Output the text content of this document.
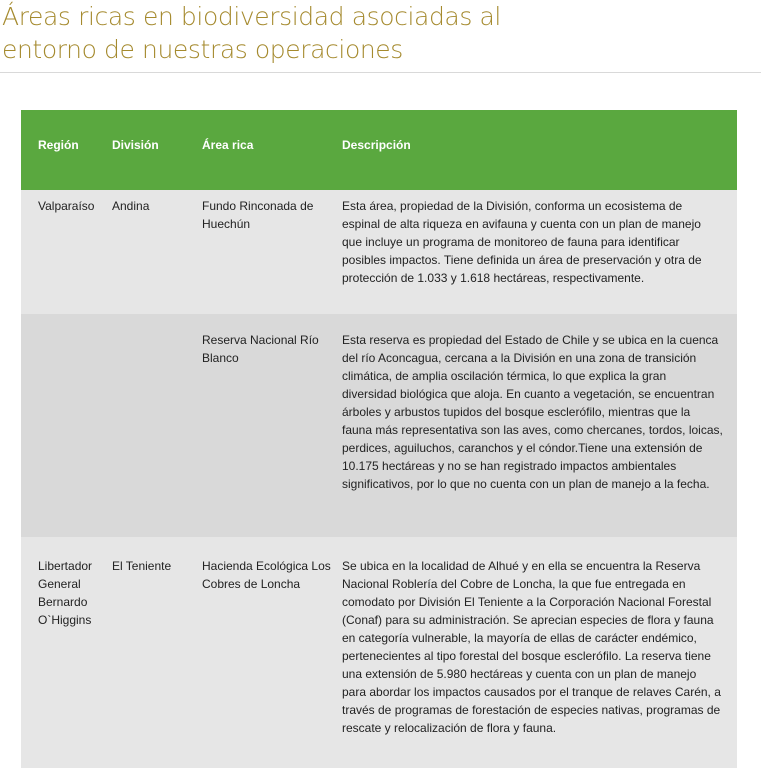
Áreas ricas en biodiversidad asociadas al
entorno de nuestras operaciones
Región	División	Área rica	Descripción
Valparaíso	Andina	Fundo Rinconada de Huechún	Esta área, propiedad de la División, conforma un ecosistema de espinal de alta riqueza en avifauna y cuenta con un plan de manejo que incluye un programa de monitoreo de fauna para identificar posibles impactos. Tiene definida un área de preservación y otra de protección de 1.033 y 1.618 hectáreas, respectivamente.
		Reserva Nacional Río Blanco	Esta reserva es propiedad del Estado de Chile y se ubica en la cuenca del río Aconcagua, cercana a la División en una zona de transición climática, de amplia oscilación térmica, lo que explica la gran diversidad biológica que aloja. En cuanto a vegetación, se encuentran árboles y arbustos tupidos del bosque esclerófilo, mientras que la fauna más representativa son las aves, como chercanes, tordos, loicas, perdices, aguiluchos, caranchos y el cóndor.Tiene una extensión de 10.175 hectáreas y no se han registrado impactos ambientales significativos, por lo que no cuenta con un plan de manejo a la fecha.
Libertador General Bernardo O`Higgins	El Teniente	Hacienda Ecológica Los Cobres de Loncha	Se ubica en la localidad de Alhué y en ella se encuentra la Reserva Nacional Roblería del Cobre de Loncha, la que fue entregada en comodato por División El Teniente a la Corporación Nacional Forestal (Conaf) para su administración. Se aprecian especies de flora y fauna en categoría vulnerable, la mayoría de ellas de carácter endémico, pertenecientes al tipo forestal del bosque esclerófilo. La reserva tiene una extensión de 5.980 hectáreas y cuenta con un plan de manejo para abordar los impactos causados por el tranque de relaves Carén, a través de programas de forestación de especies nativas, programas de rescate y relocalización de flora y fauna.
